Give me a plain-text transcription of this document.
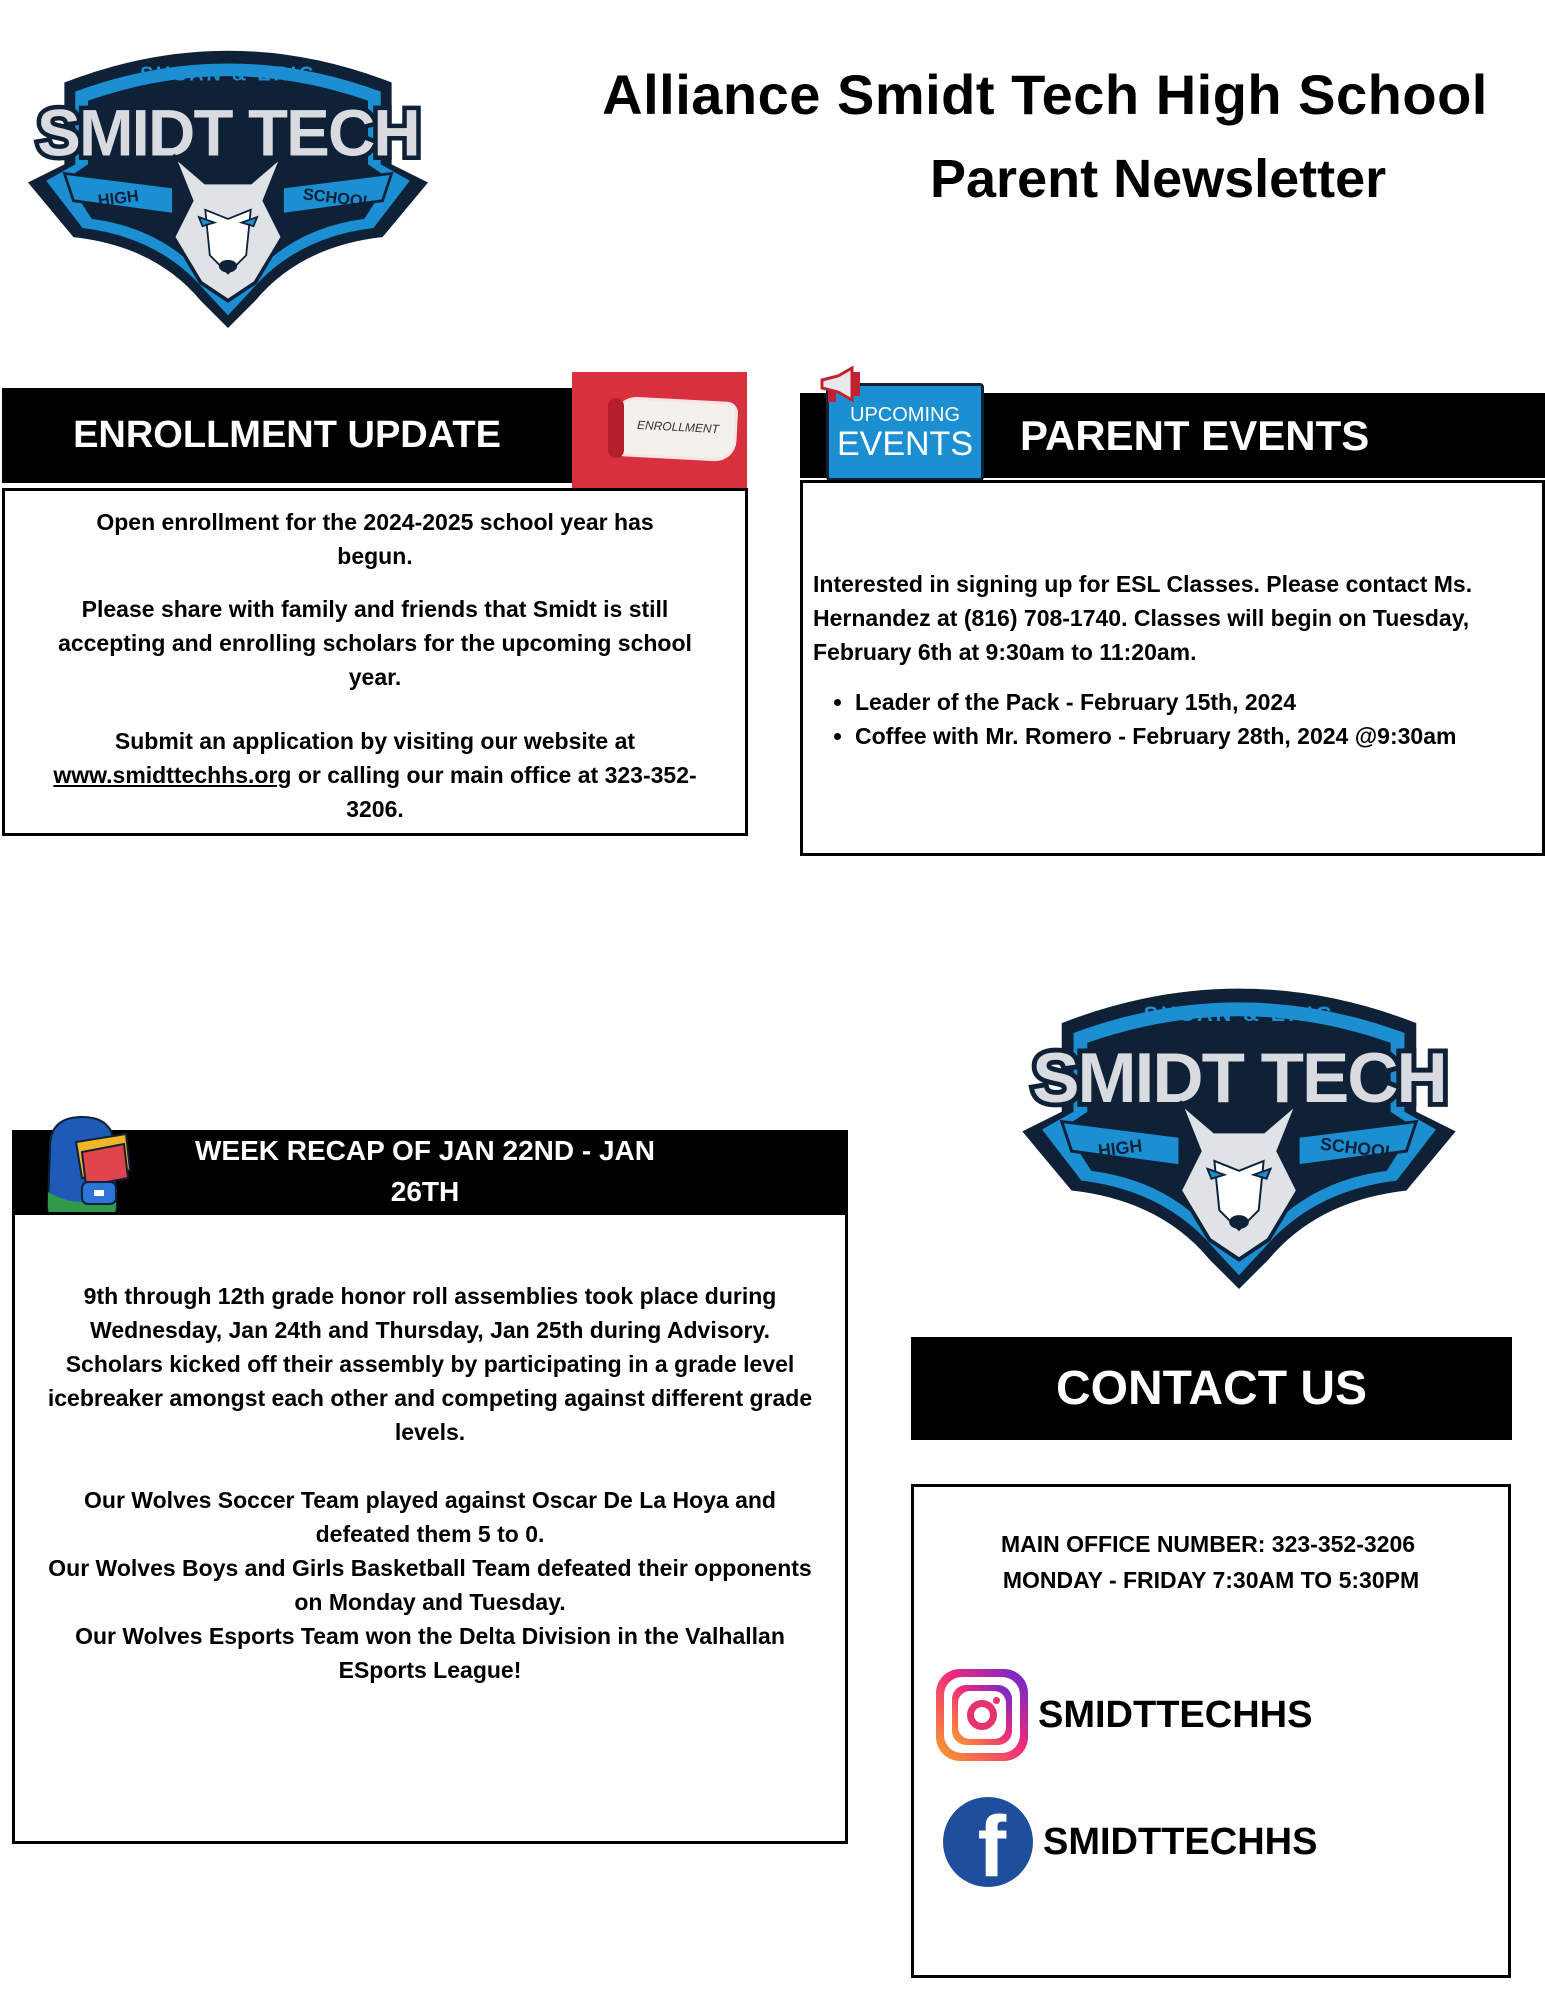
Alliance Smidt Tech High School
Parent Newsletter
ENROLLMENT UPDATE	ENROLLMENT

Open enrollment for the 2024-2025 school year has begun.

Please share with family and friends that Smidt is still accepting and enrolling scholars for the upcoming school year.

Submit an application by visiting our website at www.smidttechhs.org or calling our main office at 323-352-3206.

PARENT EVENTS
UPCOMING
EVENTS

Interested in signing up for ESL Classes. Please contact Ms. Hernandez at (816) 708-1740. Classes will begin on Tuesday, February 6th at 9:30am to 11:20am.

• Leader of the Pack - February 15th, 2024
• Coffee with Mr. Romero - February 28th, 2024 @9:30am
WEEK RECAP OF JAN 22ND - JAN 26TH

9th through 12th grade honor roll assemblies took place during Wednesday, Jan 24th and Thursday, Jan 25th during Advisory. Scholars kicked off their assembly by participating in a grade level icebreaker amongst each other and competing against different grade levels.

Our Wolves Soccer Team played against Oscar De La Hoya and defeated them 5 to 0.

Our Wolves Boys and Girls Basketball Team defeated their opponents on Monday and Tuesday.

Our Wolves Esports Team won the Delta Division in the Valhallan ESports League!

CONTACT US
MAIN OFFICE NUMBER: 323-352-3206
MONDAY - FRIDAY 7:30AM TO 5:30PM
SMIDTTECHHS
f SMIDTTECHHS
